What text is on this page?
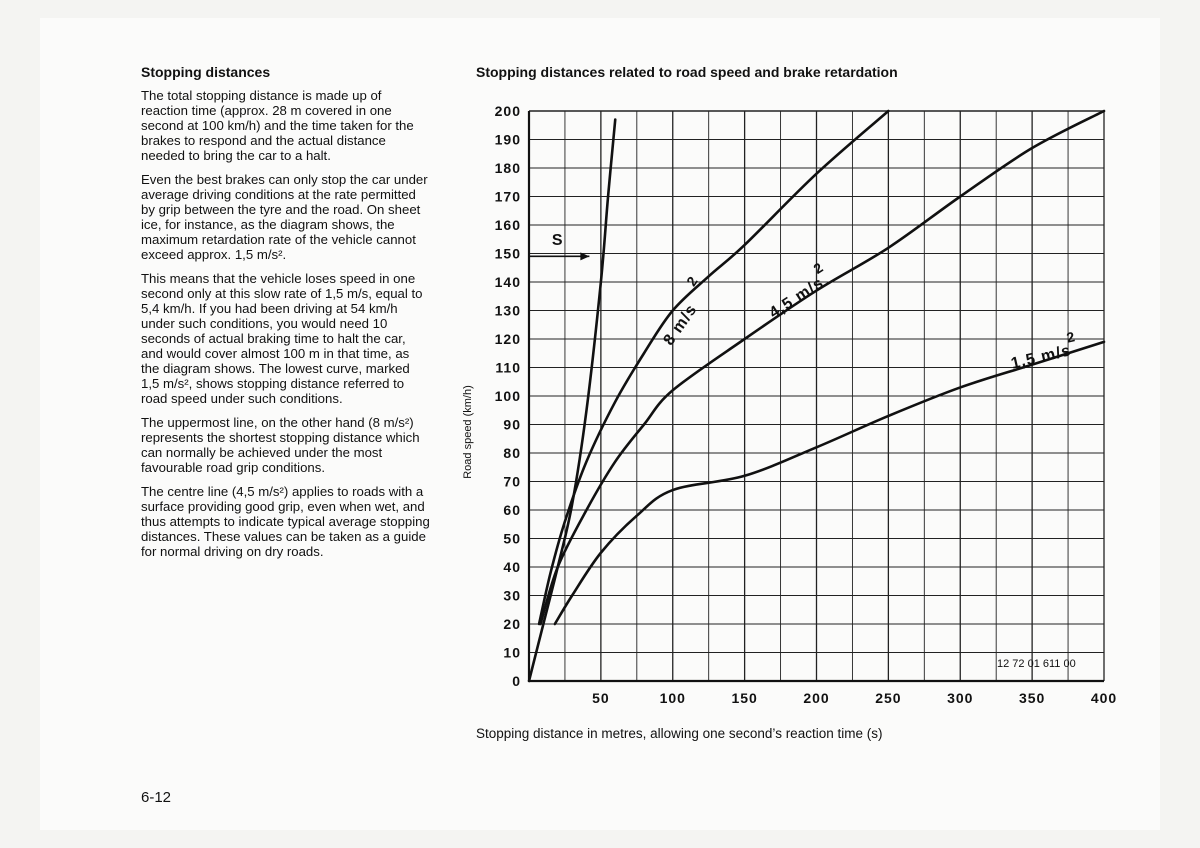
Stopping distances

The total stopping distance is made up of reaction time (approx. 28 m covered in one second at 100 km/h) and the time taken for the brakes to respond and the actual distance needed to bring the car to a halt.

Even the best brakes can only stop the car under average driving conditions at the rate permitted by grip between the tyre and the road. On sheet ice, for instance, as the diagram shows, the maximum retardation rate of the vehicle cannot exceed approx. 1,5 m/s².

This means that the vehicle loses speed in one second only at this slow rate of 1,5 m/s, equal to 5,4 km/h. If you had been driving at 54 km/h under such conditions, you would need 10 seconds of actual braking time to halt the car, and would cover almost 100 m in that time, as the diagram shows. The lowest curve, marked 1,5 m/s², shows stopping distance referred to road speed under such conditions.

The uppermost line, on the other hand (8 m/s²) represents the shortest stopping distance which can normally be achieved under the most favourable road grip conditions.

The centre line (4,5 m/s²) applies to roads with a surface providing good grip, even when wet, and thus attempts to indicate typical average stopping distances. These values can be taken as a guide for normal driving on dry roads.

6-12
Stopping distances related to road speed and brake retardation
0
10
20
30
40
50
60
70
80
90
100
110
120
130
140
150
160
170
180
190
200
50	100	150	200	250	300	350	400
S
8 m/s
2	4,5 m/s
2
1,5 m/s
2
Road speed (km/h)
Stopping distance in metres, allowing one second’s reaction time (s)
12 72 01 611 00
